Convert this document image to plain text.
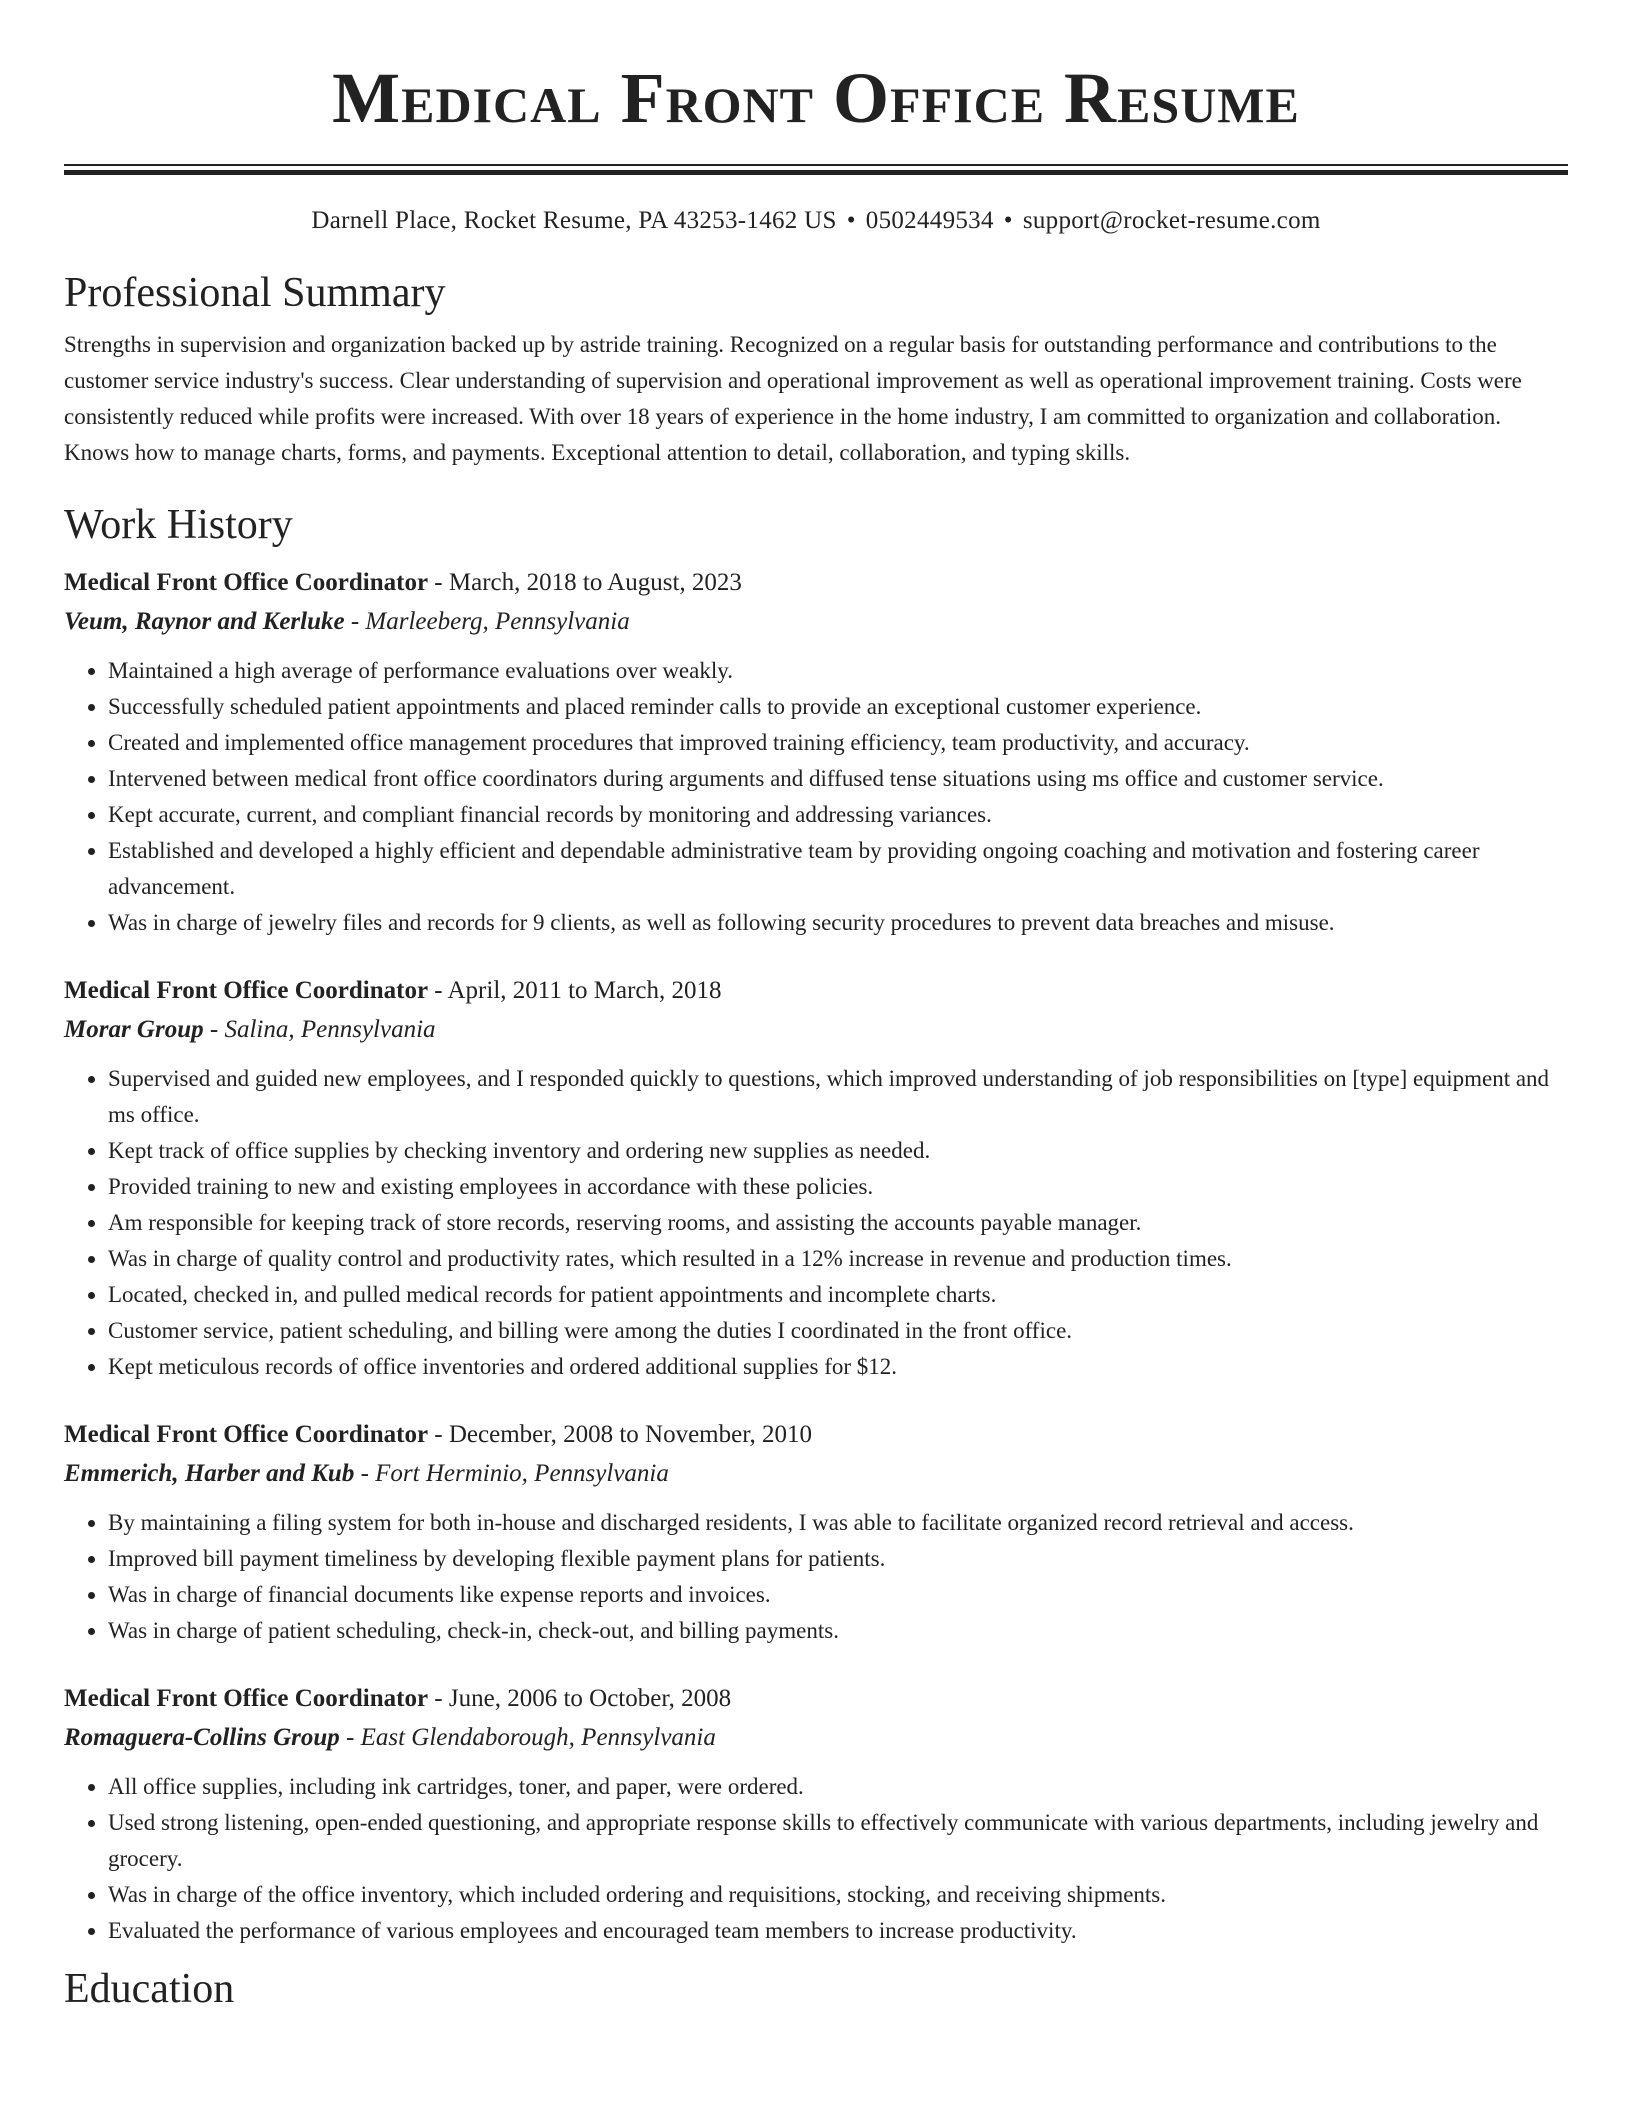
Medical Front Office Resume
Darnell Place, Rocket Resume, PA 43253-1462 US • 0502449534 • support@rocket-resume.com
Professional Summary

Strengths in supervision and organization backed up by astride training. Recognized on a regular basis for outstanding performance and contributions to the customer service industry's success. Clear understanding of supervision and operational improvement as well as operational improvement training. Costs were consistently reduced while profits were increased. With over 18 years of experience in the home industry, I am committed to organization and collaboration. Knows how to manage charts, forms, and payments. Exceptional attention to detail, collaboration, and typing skills.

Work History
Medical Front Office Coordinator - March, 2018 to August, 2023
Veum, Raynor and Kerluke - Marleeberg, Pennsylvania
• Maintained a high average of performance evaluations over weakly.
• Successfully scheduled patient appointments and placed reminder calls to provide an exceptional customer experience.
• Created and implemented office management procedures that improved training efficiency, team productivity, and accuracy.
• Intervened between medical front office coordinators during arguments and diffused tense situations using ms office and customer service.
• Kept accurate, current, and compliant financial records by monitoring and addressing variances.
• Established and developed a highly efficient and dependable administrative team by providing ongoing coaching and motivation and fostering career advancement.
• Was in charge of jewelry files and records for 9 clients, as well as following security procedures to prevent data breaches and misuse.
Medical Front Office Coordinator - April, 2011 to March, 2018
Morar Group - Salina, Pennsylvania
• Supervised and guided new employees, and I responded quickly to questions, which improved understanding of job responsibilities on [type] equipment and ms office.
• Kept track of office supplies by checking inventory and ordering new supplies as needed.
• Provided training to new and existing employees in accordance with these policies.
• Am responsible for keeping track of store records, reserving rooms, and assisting the accounts payable manager.
• Was in charge of quality control and productivity rates, which resulted in a 12% increase in revenue and production times.
• Located, checked in, and pulled medical records for patient appointments and incomplete charts.
• Customer service, patient scheduling, and billing were among the duties I coordinated in the front office.
• Kept meticulous records of office inventories and ordered additional supplies for $12.
Medical Front Office Coordinator - December, 2008 to November, 2010
Emmerich, Harber and Kub - Fort Herminio, Pennsylvania
• By maintaining a filing system for both in-house and discharged residents, I was able to facilitate organized record retrieval and access.
• Improved bill payment timeliness by developing flexible payment plans for patients.
• Was in charge of financial documents like expense reports and invoices.
• Was in charge of patient scheduling, check-in, check-out, and billing payments.
Medical Front Office Coordinator - June, 2006 to October, 2008
Romaguera-Collins Group - East Glendaborough, Pennsylvania
• All office supplies, including ink cartridges, toner, and paper, were ordered.
• Used strong listening, open-ended questioning, and appropriate response skills to effectively communicate with various departments, including jewelry and grocery.
• Was in charge of the office inventory, which included ordering and requisitions, stocking, and receiving shipments.
• Evaluated the performance of various employees and encouraged team members to increase productivity.
Education
